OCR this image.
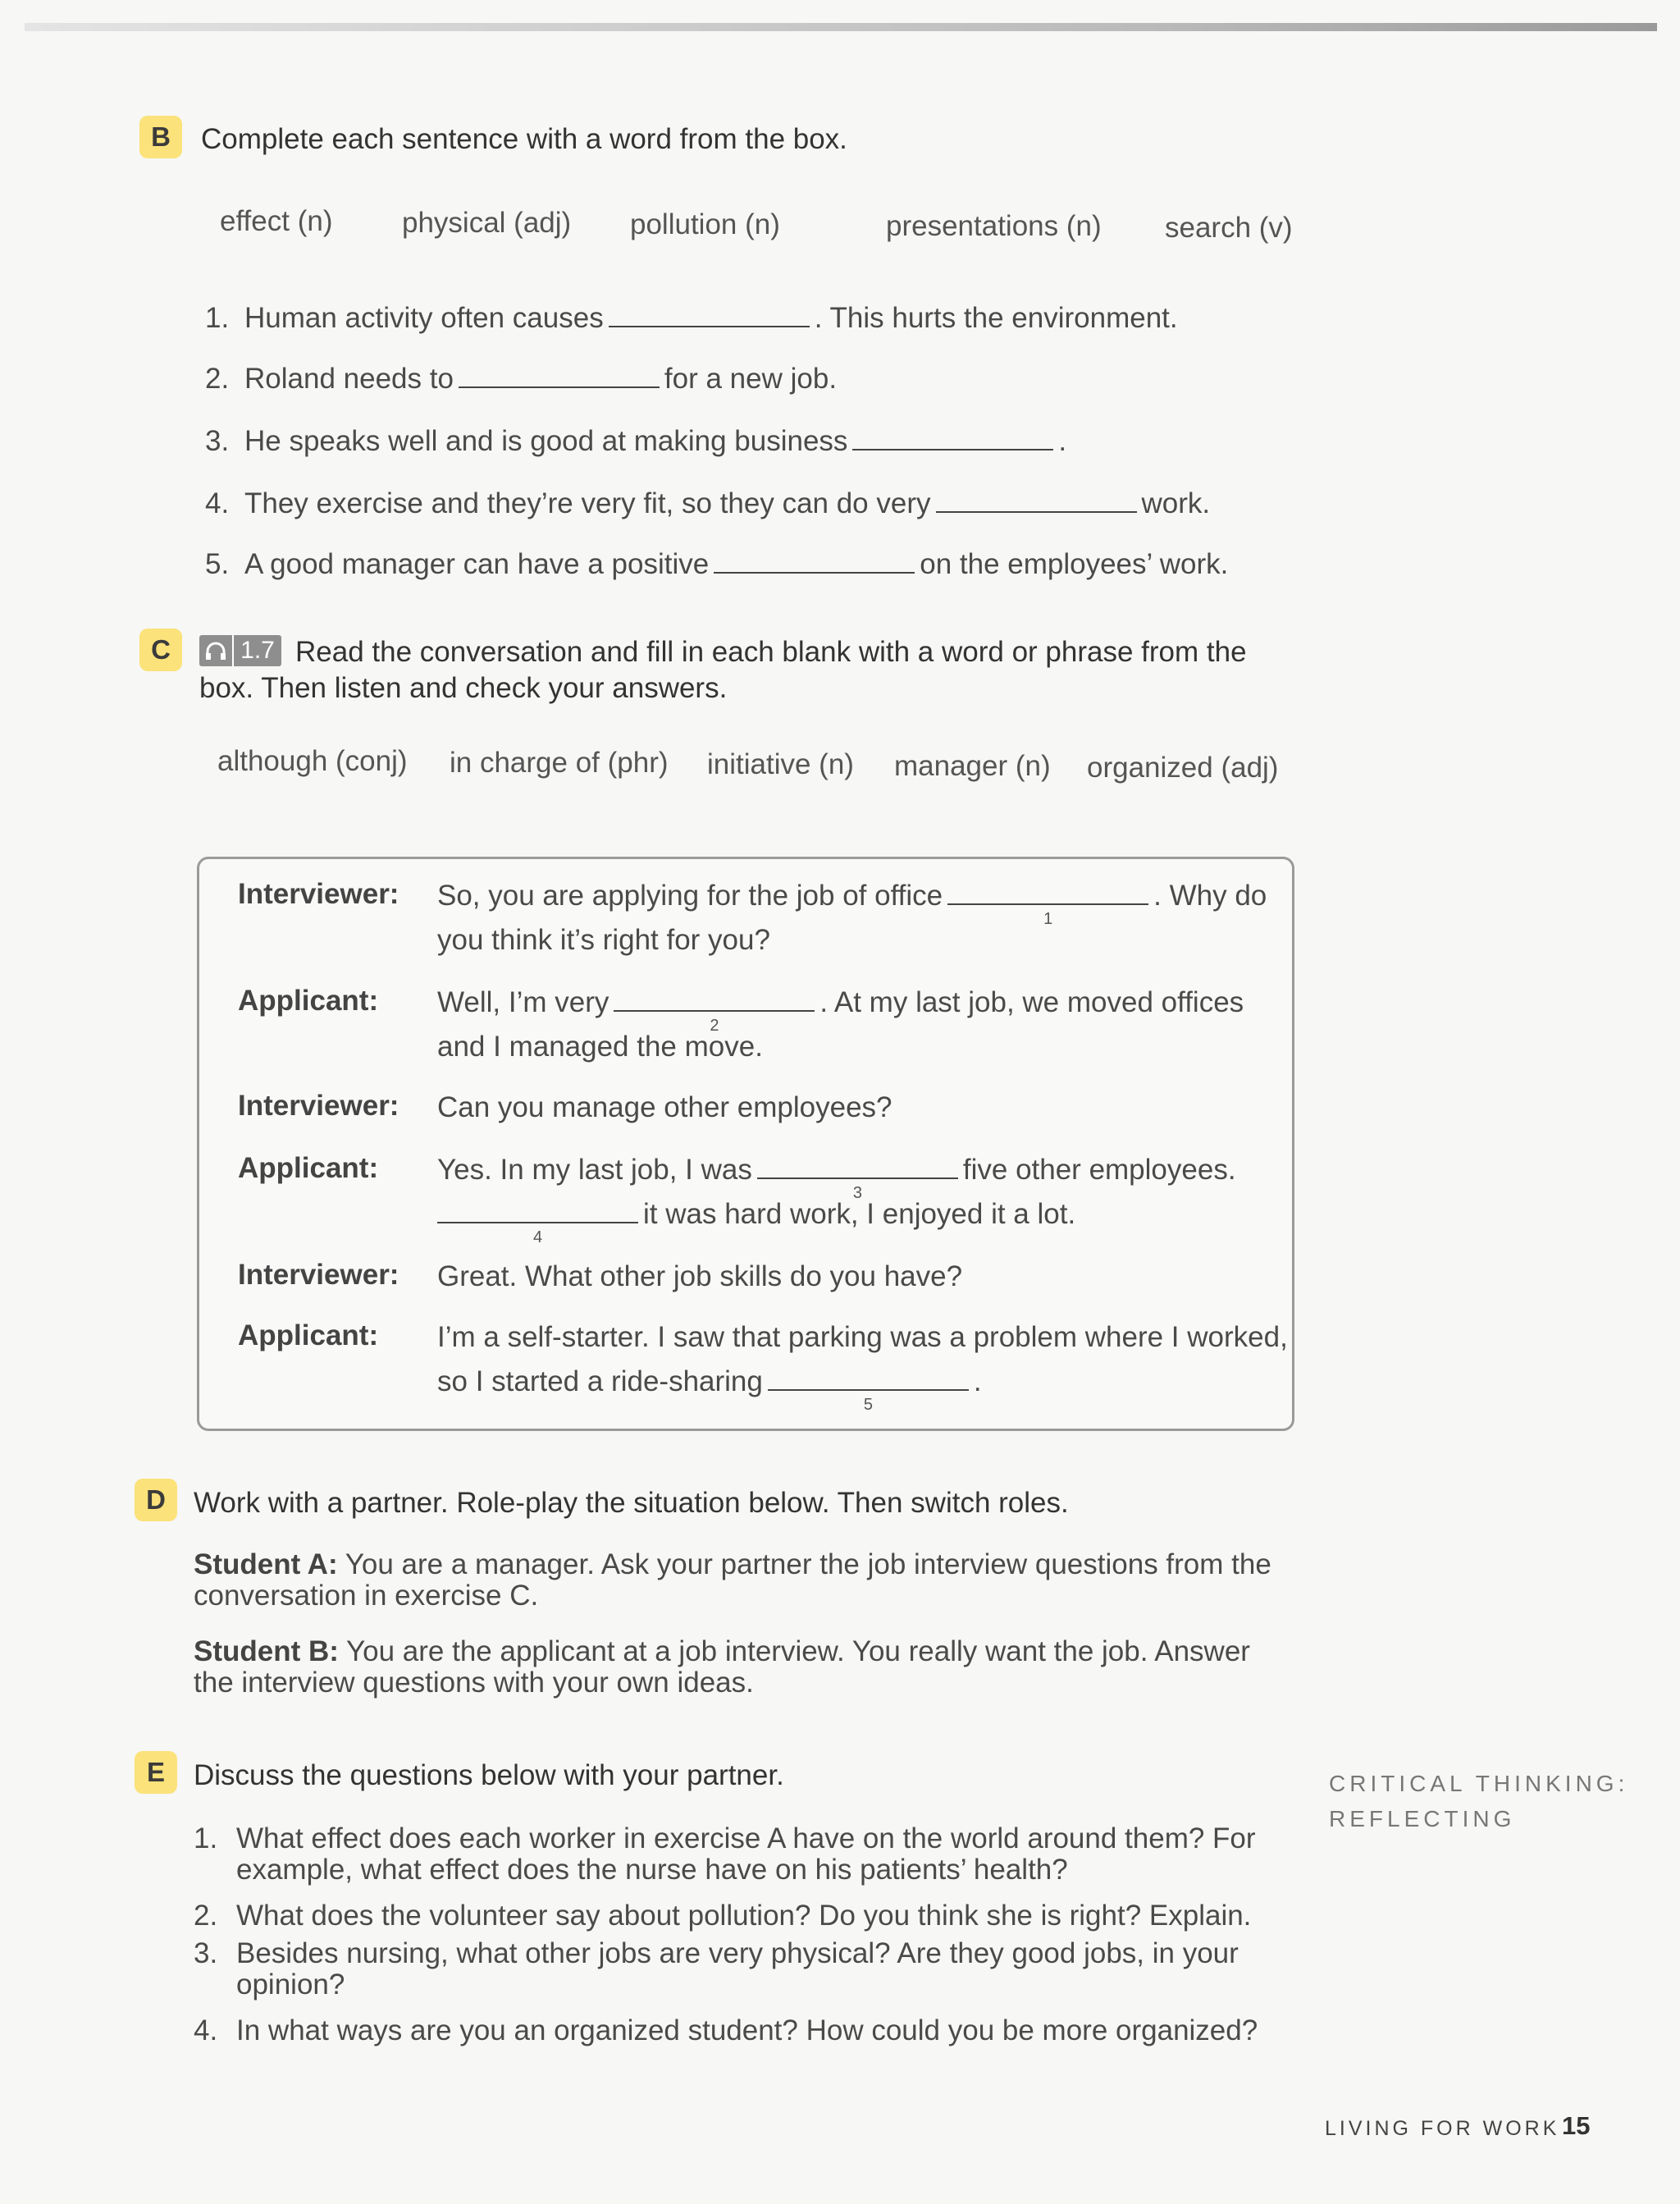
B	Complete each sentence with a word from the box.
effect (n) physical (adj) pollution (n)	presentations (n) search (v)
1. Human activity often causes	. This hurts the environment.
2. Roland needs to	for a new job.
3. He speaks well and is good at making business	.
4. They exercise and they’re very fit, so they can do very	work.
5. A good manager can have a positive	on the employees’ work.
C	1.7 Read the conversation and fill in each blank with a word or phrase from the
box. Then listen and check your answers.
although (conj) in charge of (phr) initiative (n) manager (n) organized (adj)
Interviewer: So, you are applying for the job of office
1
. Why do
you think it’s right for you?
Applicant: Well, I’m very
2
. At my last job, we moved offices
and I managed the move.
Interviewer: Can you manage other employees?
Applicant: Yes. In my last job, I was
3
five other employees.
4
it was hard work, I enjoyed it a lot.
Interviewer: Great. What other job skills do you have?
Applicant: I’m a self-starter. I saw that parking was a problem where I worked,
so I started a ride-sharing
5
.
D Work with a partner. Role-play the situation below. Then switch roles.
Student A: You are a manager. Ask your partner the job interview questions from the conversation in exercise C.
Student B: You are the applicant at a job interview. You really want the job. Answer the interview questions with your own ideas.
E	Discuss the questions below with your partner.
1. What effect does each worker in exercise A have on the world around them? For example, what effect does the nurse have on his patients’ health?
2. What does the volunteer say about pollution? Do you think she is right? Explain.
3. Besides nursing, what other jobs are very physical? Are they good jobs, in your opinion?
4. In what ways are you an organized student? How could you be more organized?
CRITICAL THINKING:
REFLECTING
LIVING FOR WORK 15
